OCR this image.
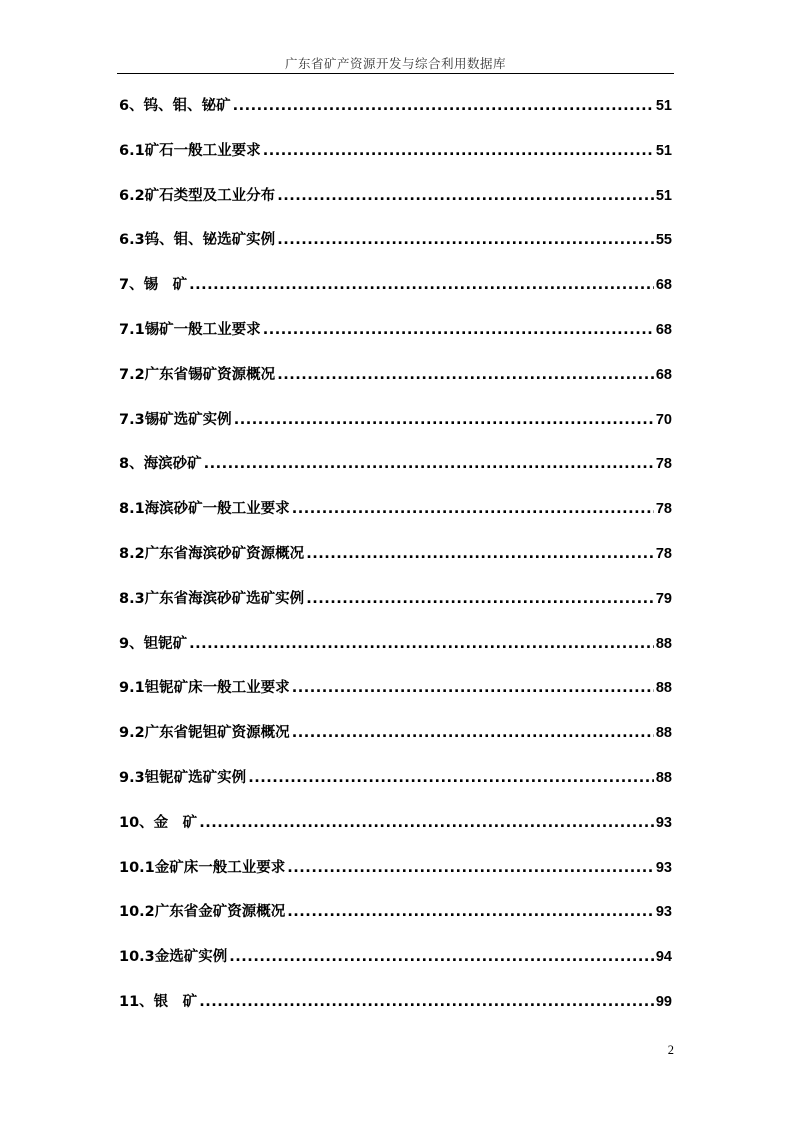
广东省矿产资源开发与综合利用数据库
6、钨、钼、铋矿 .....	51
6.1矿石一般工业要求 .....	51
6.2矿石类型及工业分布 .....	51
6.3钨、钼、铋选矿实例 .....	55
7、锡　矿 .....	68
7.1锡矿一般工业要求 .....	68
7.2广东省锡矿资源概况 .....	68
7.3锡矿选矿实例 .....	70
8、海滨砂矿 .....	78
8.1海滨砂矿一般工业要求 .....	78
8.2广东省海滨砂矿资源概况 .....	78
8.3广东省海滨砂矿选矿实例 .....	79
9、钽铌矿 .....	88
9.1钽铌矿床一般工业要求 .....	88
9.2广东省铌钽矿资源概况 .....	88
9.3钽铌矿选矿实例 .....	88
10、金　矿 .....	93
10.1金矿床一般工业要求 .....	93
10.2广东省金矿资源概况 .....	93
10.3金选矿实例 .....	94
11、银　矿 .....	99
2
